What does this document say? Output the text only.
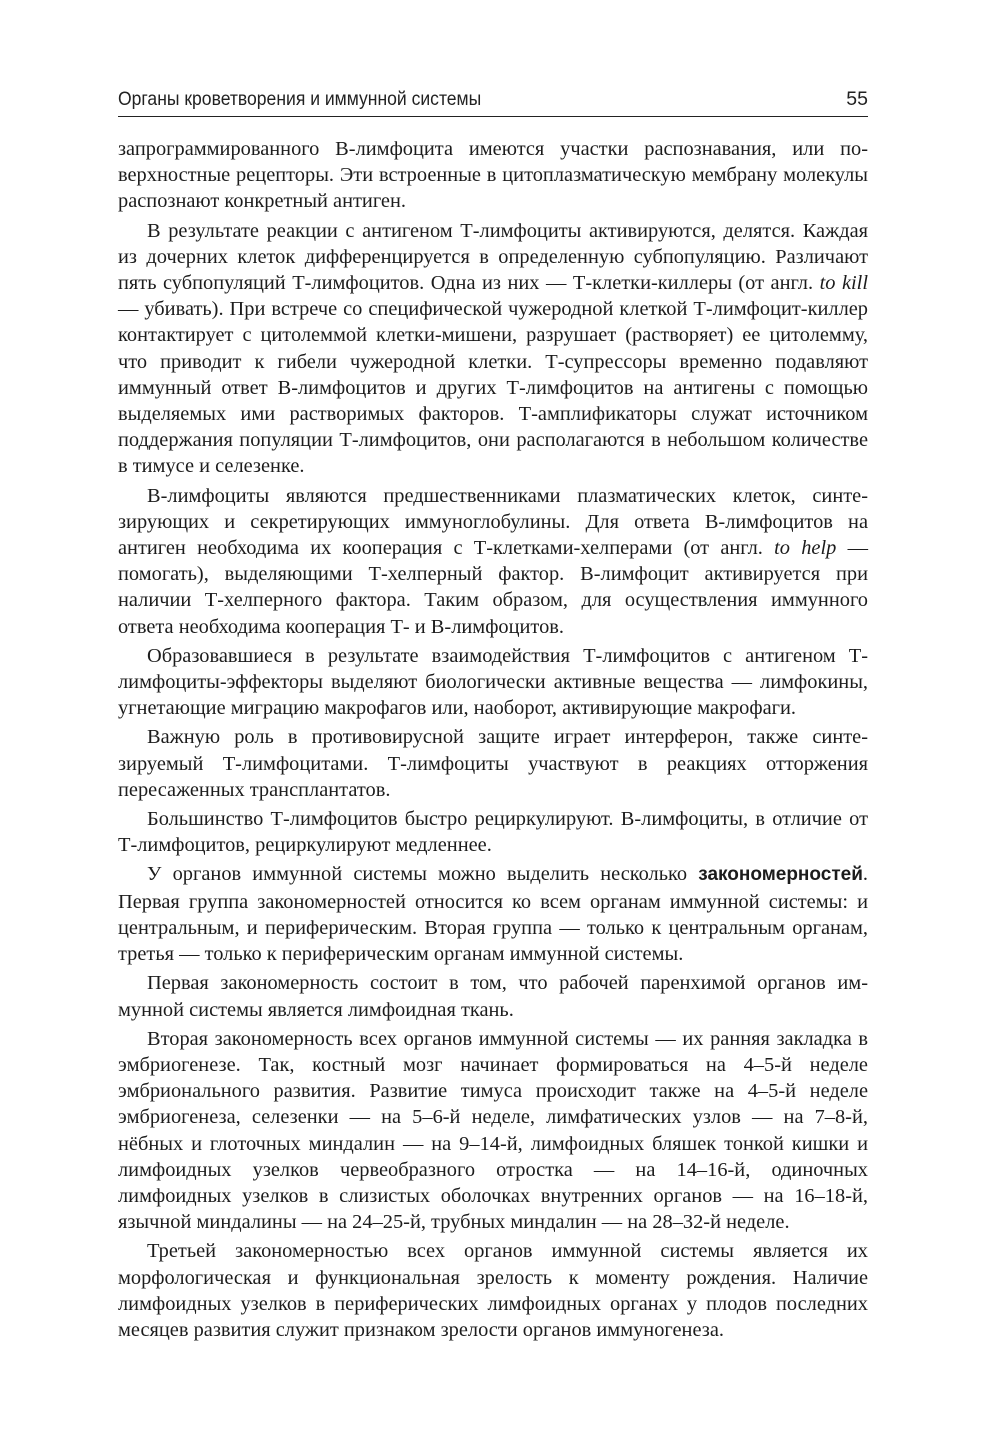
Органы кроветворения и иммунной системы	55

запрограммированного В-лимфоцита имеются участки распознавания, или поверхностные рецепторы. Эти встроенные в цитоплазматическую мембрану молекулы распознают конкретный антиген.

В результате реакции с антигеном Т-лимфоциты активируются, делятся. Каждая из дочерних клеток дифференцируется в определенную субпопуляцию. Различают пять субпопуляций Т-лимфоцитов. Одна из них — Т-клетки-киллеры (от англ. to kill — убивать). При встрече со специфической чужеродной клеткой Т-лимфоцит-киллер контактирует с цитолеммой клетки-мишени, разрушает (растворяет) ее цитолемму, что приводит к гибели чужеродной клетки. Т-супрессоры временно подавляют иммунный ответ В-лимфоцитов и других Т-лимфоцитов на антигены с помощью выделяемых ими растворимых факторов. Т-амплификаторы служат источником поддержания популяции Т-лимфоцитов, они располагаются в небольшом количестве в тимусе и селезенке.

В-лимфоциты являются предшественниками плазматических клеток, синтезирующих и секретирующих иммуноглобулины. Для ответа В-лимфоцитов на антиген необходима их кооперация с Т-клетками-хелперами (от англ. to help — помогать), выделяющими Т-хелперный фактор. В-лимфоцит активируется при наличии Т-хелперного фактора. Таким образом, для осуществления иммунного ответа необходима кооперация Т- и В-лимфоцитов.

Образовавшиеся в результате взаимодействия Т-лимфоцитов с антигеном Т-лимфоциты-эффекторы выделяют биологически активные вещества — лимфокины, угнетающие миграцию макрофагов или, наоборот, активирующие макрофаги.

Важную роль в противовирусной защите играет интерферон, также синтезируемый Т-лимфоцитами. Т-лимфоциты участвуют в реакциях отторжения пересаженных трансплантатов.

Большинство Т-лимфоцитов быстро рециркулируют. В-лимфоциты, в отличие от Т-лимфоцитов, рециркулируют медленнее.

У органов иммунной системы можно выделить несколько закономерностей. Первая группа закономерностей относится ко всем органам иммунной системы: и центральным, и периферическим. Вторая группа — только к центральным органам, третья — только к периферическим органам иммунной системы.

Первая закономерность состоит в том, что рабочей паренхимой органов иммунной системы является лимфоидная ткань.

Вторая закономерность всех органов иммунной системы — их ранняя закладка в эмбриогенезе. Так, костный мозг начинает формироваться на 4–5-й неделе эмбрионального развития. Развитие тимуса происходит также на 4–5-й неделе эмбриогенеза, селезенки — на 5–6-й неделе, лимфатических узлов — на 7–8-й, нёбных и глоточных миндалин — на 9–14-й, лимфоидных бляшек тонкой кишки и лимфоидных узелков червеобразного отростка — на 14–16-й, одиночных лимфоидных узелков в слизистых оболочках внутренних органов — на 16–18-й, язычной миндалины — на 24–25-й, трубных миндалин — на 28–32-й неделе.

Третьей закономерностью всех органов иммунной системы является их морфологическая и функциональная зрелость к моменту рождения. Наличие лимфоидных узелков в периферических лимфоидных органах у плодов последних месяцев развития служит признаком зрелости органов иммуногенеза.
